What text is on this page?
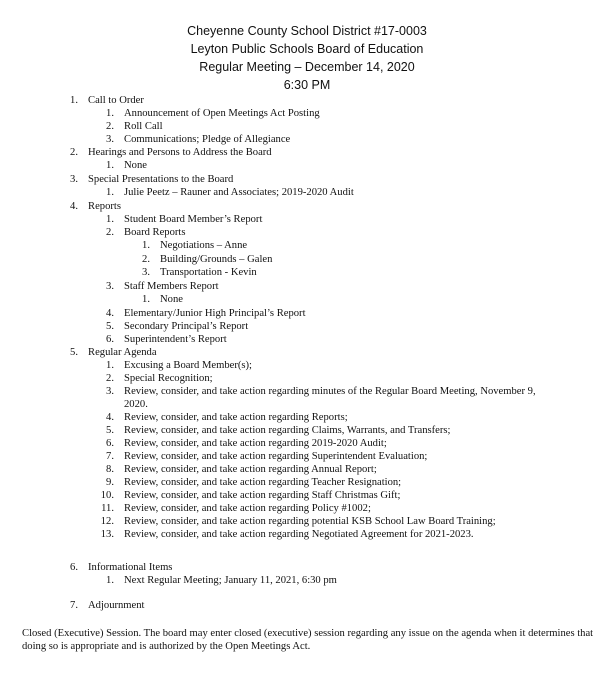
Cheyenne County School District #17-0003
Leyton Public Schools Board of Education
Regular Meeting – December 14, 2020
6:30 PM
1. Call to Order
1. Announcement of Open Meetings Act Posting
2. Roll Call
3. Communications; Pledge of Allegiance
2. Hearings and Persons to Address the Board
1. None
3. Special Presentations to the Board
1. Julie Peetz – Rauner and Associates; 2019-2020 Audit
4. Reports
1. Student Board Member’s Report
2. Board Reports
1. Negotiations – Anne
2. Building/Grounds – Galen
3. Transportation - Kevin
3. Staff Members Report
1. None
4. Elementary/Junior High Principal’s Report
5. Secondary Principal’s Report
6. Superintendent’s Report
5. Regular Agenda
1. Excusing a Board Member(s);
2. Special Recognition;
3. Review, consider, and take action regarding minutes of the Regular Board Meeting, November 9,
2020.
4. Review, consider, and take action regarding Reports;
5. Review, consider, and take action regarding Claims, Warrants, and Transfers;
6. Review, consider, and take action regarding 2019-2020 Audit;
7. Review, consider, and take action regarding Superintendent Evaluation;
8. Review, consider, and take action regarding Annual Report;
9. Review, consider, and take action regarding Teacher Resignation;
10. Review, consider, and take action regarding Staff Christmas Gift;
11. Review, consider, and take action regarding Policy #1002;
12. Review, consider, and take action regarding potential KSB School Law Board Training;
13. Review, consider, and take action regarding Negotiated Agreement for 2021-2023.
6. Informational Items
1. Next Regular Meeting; January 11, 2021, 6:30 pm
7. Adjournment
Closed (Executive) Session. The board may enter closed (executive) session regarding any issue on the agenda when it determines that doing so is appropriate and is authorized by the Open Meetings Act.
